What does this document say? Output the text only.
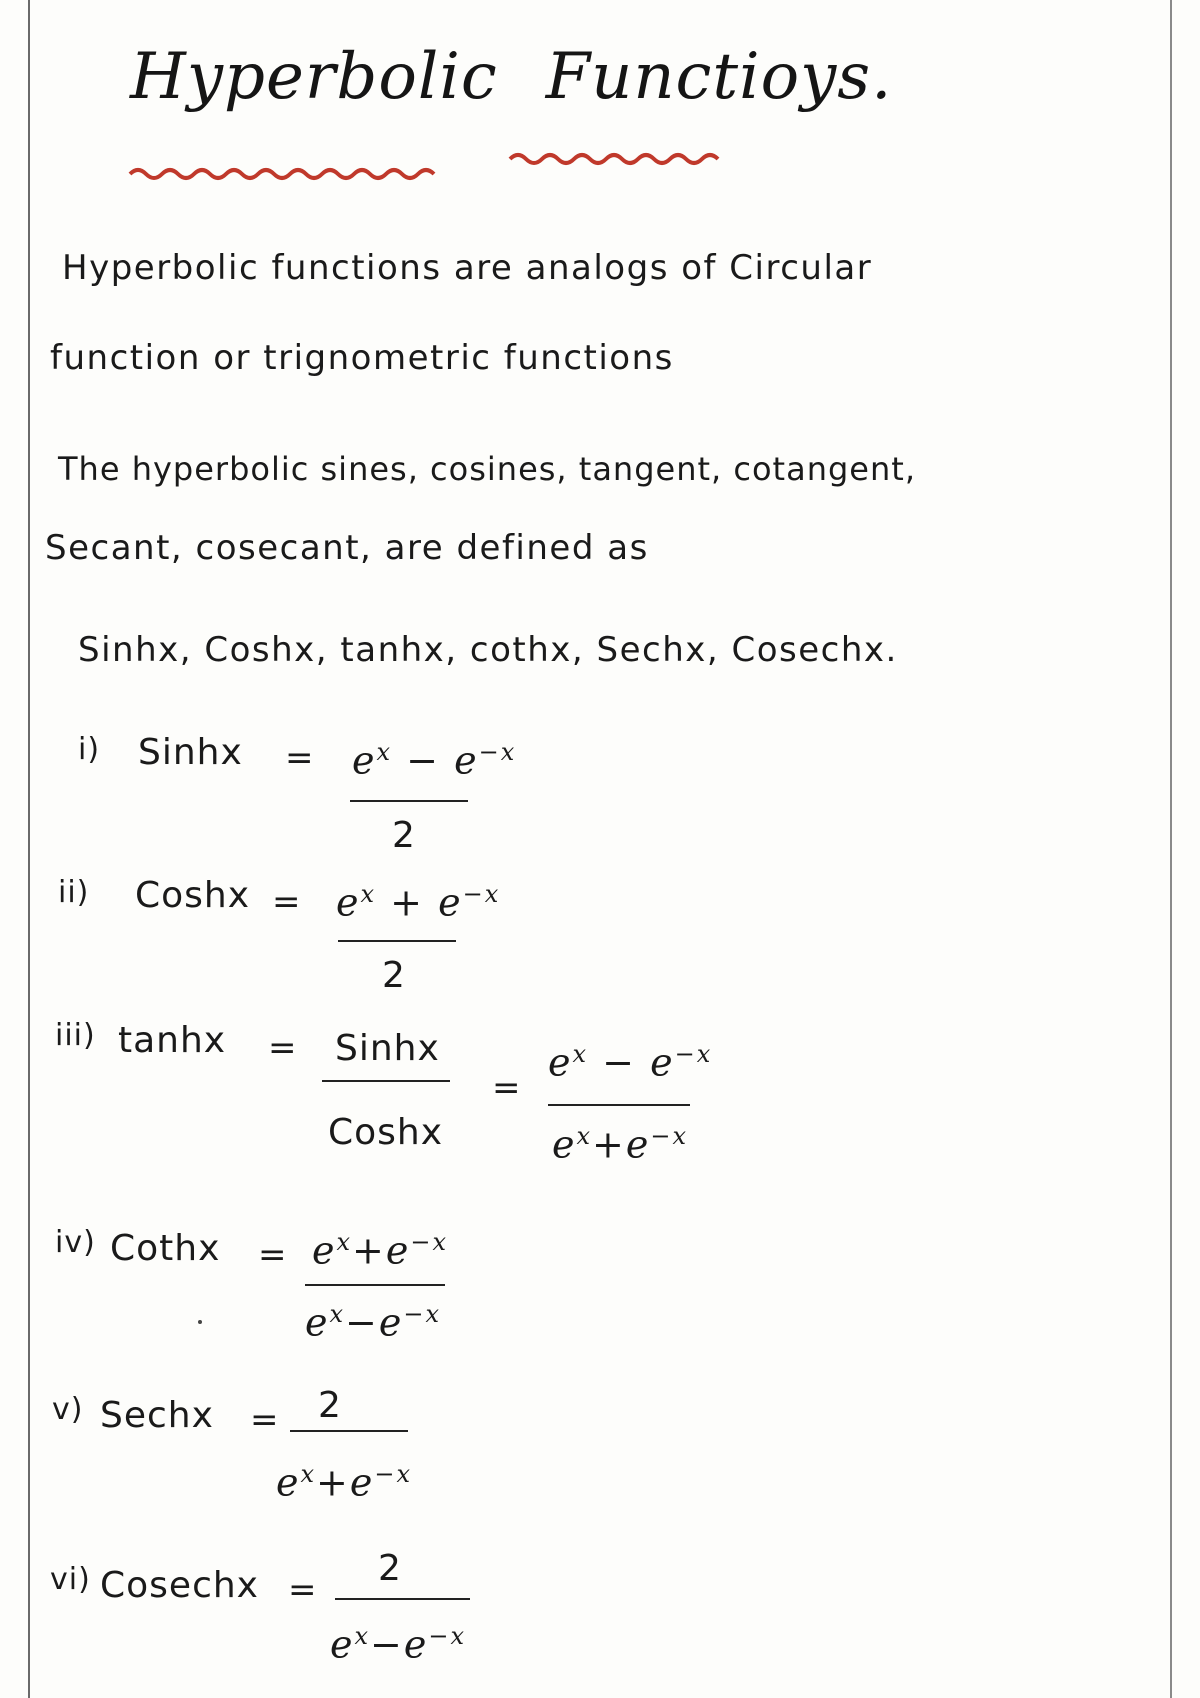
Hyperbolic Functioys.
Hyperbolic functions are analogs of Circular
function or trignometric functions
The hyperbolic sines, cosines, tangent, cotangent,
Secant, cosecant, are defined as
Sinhx, Coshx, tanhx, cothx, Sechx, Cosechx.
i) Sinhx = $e^x - e^{-x}$
2
ii) Coshx = $e^x + e^{-x}$
2
iii) tanhx = Sinhx
Coshx
=
$e^x - e^{-x}$
$e^x+e^{-x}$
iv) Cothx = $e^x+e^{-x}$
$e^x-e^{-x}$
v) Sechx = 2
$e^x+e^{-x}$
vi) Cosechx =
2
$e^x-e^{-x}$
